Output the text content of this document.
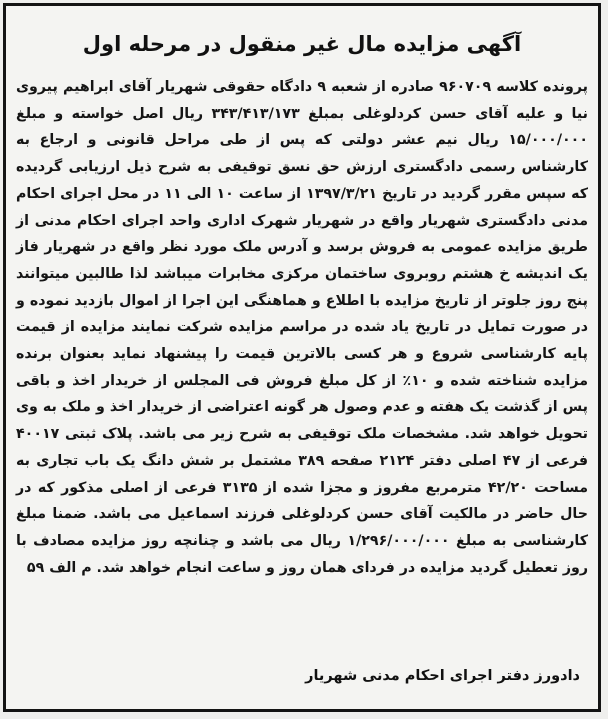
آگهی مزایده مال غیر منقول در مرحله اول

پرونده کلاسه ۹۶۰۷۰۹ صادره از شعبه ۹ دادگاه حقوقی شهریار آقای ابراهیم پیروی نیا و علیه آقای حسن کردلوغلی بمبلغ ۳۴۳/۴۱۳/۱۷۳ ریال اصل خواسته و مبلغ ۱۵/۰۰۰/۰۰۰ ریال نیم عشر دولتی که پس از طی مراحل قانونی و ارجاع به کارشناس رسمی دادگستری ارزش حق نسق توقیفی به شرح ذیل ارزیابی گردیده که سپس مقرر گردید در تاریخ ۱۳۹۷/۳/۲۱ از ساعت ۱۰ الی ۱۱ در محل اجرای احکام مدنی دادگستری شهریار واقع در شهریار شهرک اداری واحد اجرای احکام مدنی از طریق مزایده عمومی به فروش برسد و آدرس ملک مورد نظر واقع در شهریار فاز یک اندیشه خ هشتم روبروی ساختمان مرکزی مخابرات میباشد لذا طالبین میتوانند پنج روز جلوتر از تاریخ مزایده با اطلاع و هماهنگی این اجرا از اموال بازدید نموده و در صورت تمایل در تاریخ یاد شده در مراسم مزایده شرکت نمایند مزایده از قیمت پایه کارشناسی شروع و هر کسی بالاترین قیمت را پیشنهاد نماید بعنوان برنده مزایده شناخته شده و ۱۰٪ از کل مبلغ فروش فی المجلس از خریدار اخذ و باقی پس از گذشت یک هفته و عدم وصول هر گونه اعتراضی از خریدار اخذ و ملک به وی تحویل خواهد شد. مشخصات ملک توقیفی به شرح زیر می باشد. پلاک ثبتی ۴۰۰۱۷ فرعی از ۴۷ اصلی دفتر ۲۱۲۴ صفحه ۳۸۹ مشتمل بر شش دانگ یک باب تجاری به مساحت ۴۲/۲۰ مترمربع مفروز و مجزا شده از ۳۱۳۵ فرعی از اصلی مذکور که در حال حاضر در مالکیت آقای حسن کردلوغلی فرزند اسماعیل می باشد. ضمنا مبلغ کارشناسی به مبلغ ۱/۲۹۶/۰۰۰/۰۰۰ ریال می باشد و چنانچه روز مزایده مصادف با روز تعطیل گردید مزایده در فردای همان روز و ساعت انجام خواهد شد. م الف ۵۹

دادورز دفتر اجرای احکام مدنی شهریار
